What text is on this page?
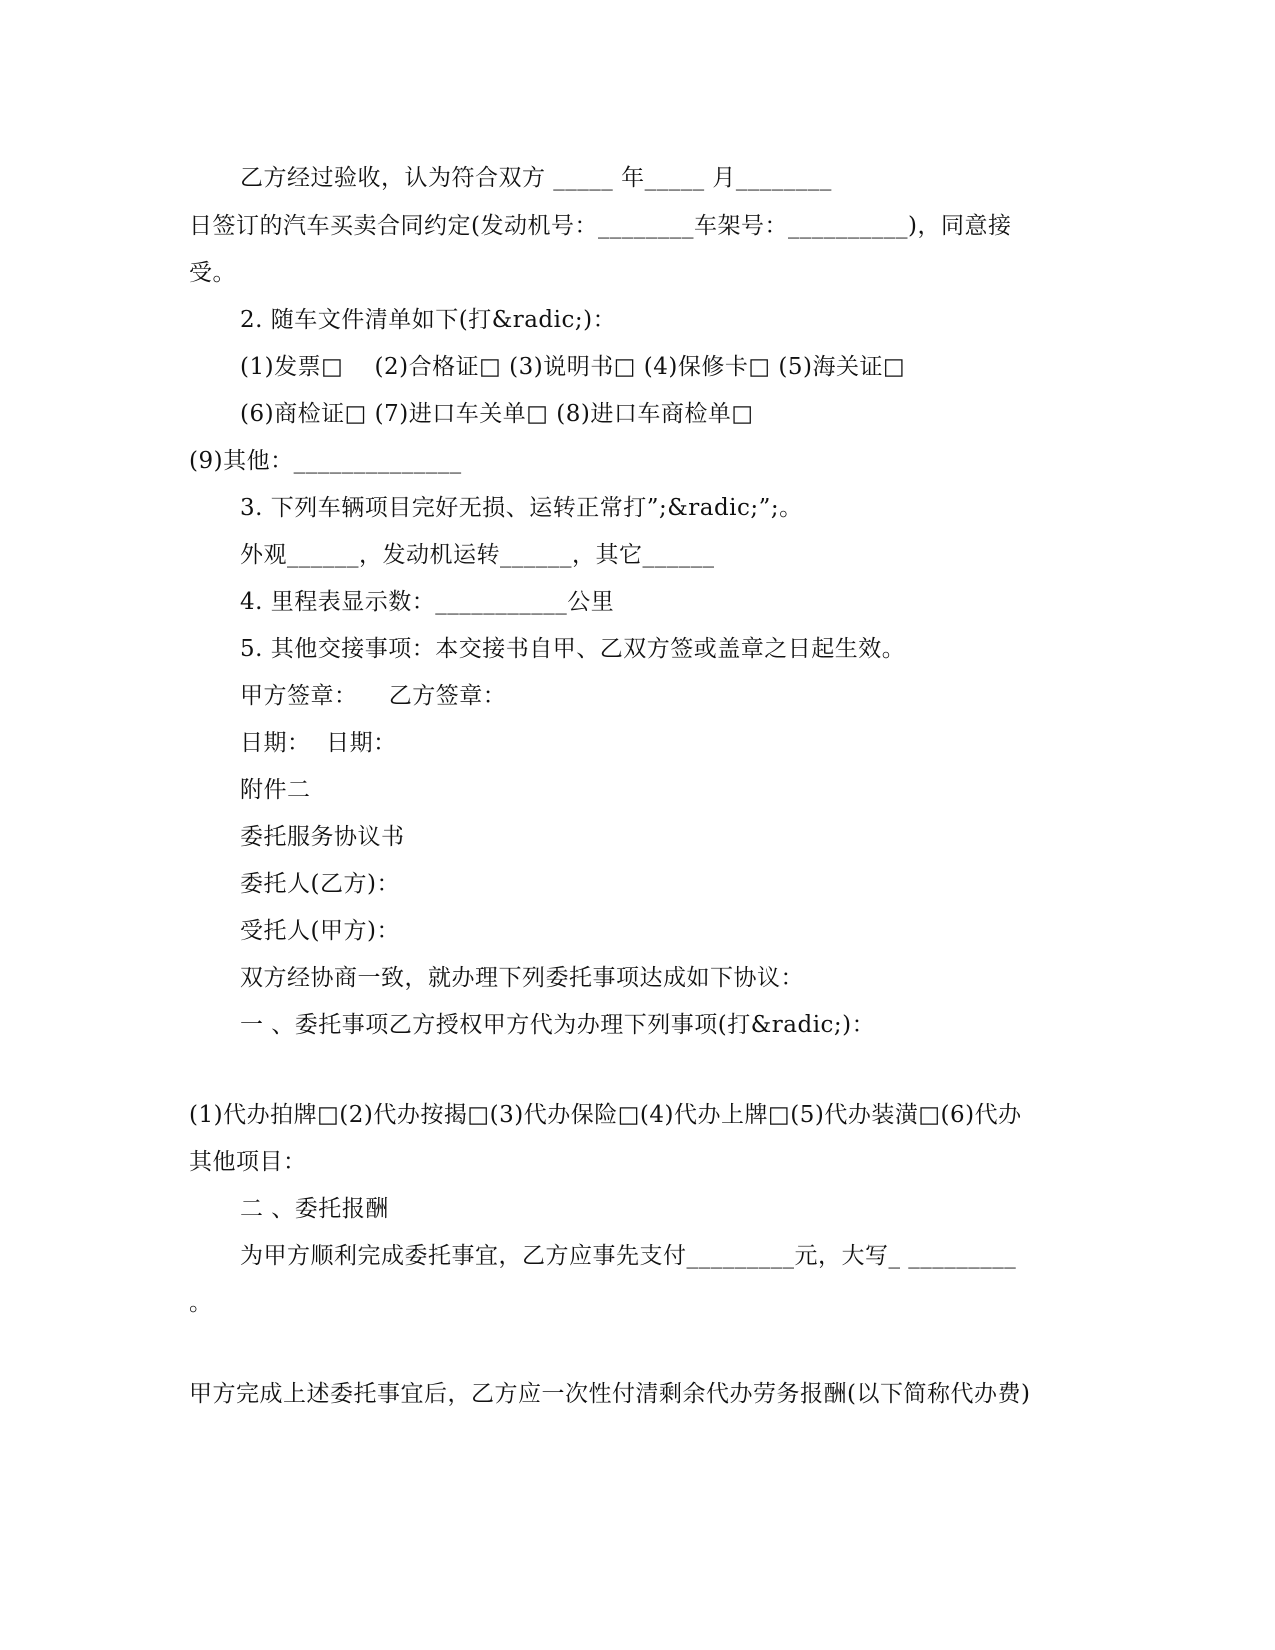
乙方经过验收，认为符合双方 _____ 年_____ 月________
日签订的汽车买卖合同约定(发动机号：________车架号：__________)，同意接
受。
2. 随车文件清单如下(打&radic;)：
(1)发票□    (2)合格证□ (3)说明书□ (4)保修卡□ (5)海关证□
(6)商检证□ (7)进口车关单□ (8)进口车商检单□
(9)其他：______________
3. 下列车辆项目完好无损、运转正常打”;&radic;”;。
外观______，发动机运转______，其它______
4. 里程表显示数：___________公里
5. 其他交接事项：本交接书自甲、乙双方签或盖章之日起生效。
甲方签章：    乙方签章：
日期：  日期：
附件二
委托服务协议书
委托人(乙方)：
受托人(甲方)：
双方经协商一致，就办理下列委托事项达成如下协议：
一 、委托事项乙方授权甲方代为办理下列事项(打&radic;)：
(1)代办拍牌□(2)代办按揭□(3)代办保险□(4)代办上牌□(5)代办装潢□(6)代办
其他项目：
二 、委托报酬
为甲方顺利完成委托事宜，乙方应事先支付_________元，大写_ _________
。
甲方完成上述委托事宜后，乙方应一次性付清剩余代办劳务报酬(以下简称代办费)
